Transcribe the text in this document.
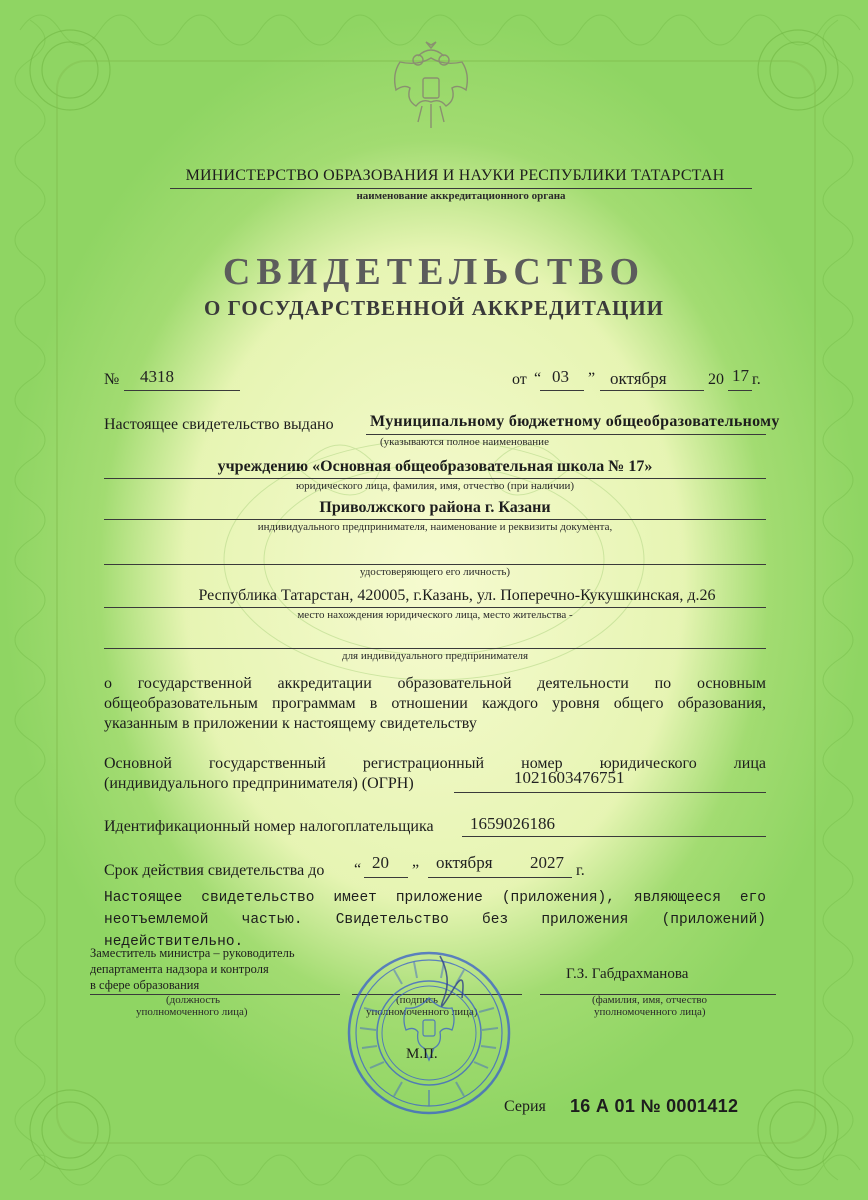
МИНИСТЕРСТВО ОБРАЗОВАНИЯ И НАУКИ РЕСПУБЛИКИ ТАТАРСТАН
наименование аккредитационного органа
СВИДЕТЕЛЬСТВО
О ГОСУДАРСТВЕННОЙ АККРЕДИТАЦИИ
№ 4318	от “ 03 ” октября	20 17 г.
Настоящее свидетельство выдано Муниципальному бюджетному общеобразовательному
(указываются полное наименование
учреждению «Основная общеобразовательная школа № 17»
юридического лица, фамилия, имя, отчество (при наличии)
Приволжского района г. Казани
индивидуального предпринимателя, наименование и реквизиты документа,
удостоверяющего его личность)
Республика Татарстан, 420005, г.Казань, ул. Поперечно-Кукушкинская, д.26
место нахождения юридического лица, место жительства -
для индивидуального предпринимателя
о государственной аккредитации образовательной деятельности по основным
общеобразовательным программам в отношении каждого уровня общего образования,
указанным в приложении к настоящему свидетельству
Основной государственный регистрационный номер юридического лица
(индивидуального предпринимателя) (ОГРН)	1021603476751
Идентификационный номер налогоплательщика 1659026186
Срок действия свидетельства до “ 20 „ октября 2027 г.
Настоящее свидетельство имеет приложение (приложения), являющееся его
неотъемлемой частью. Свидетельство без приложения (приложений)
недействительно.
Заместитель министра – руководитель
департамента надзора и контроля
в сфере образования
(должность
уполномоченного лица)
(подпись
уполномоченного лица)
Г.З. Габдрахманова
(фамилия, имя, отчество
уполномоченного лица)
М.П.
Серия 16 А 01 № 0001412
